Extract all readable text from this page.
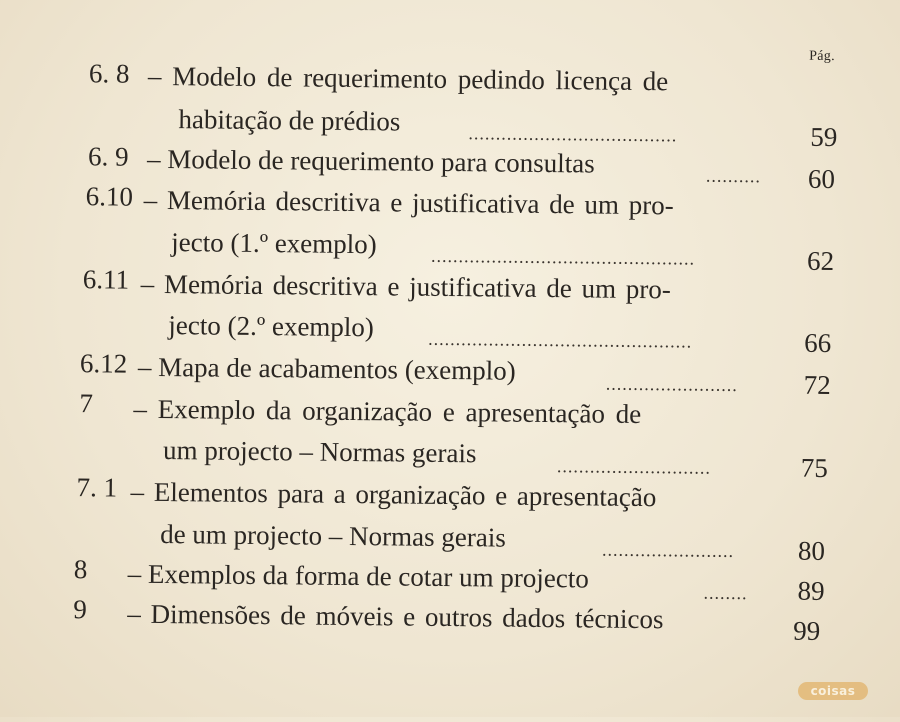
Pág.
6. 8 – Modelo de requerimento pedindo licença de
habitação de prédios	......................................	59
6. 9 – Modelo de requerimento para consultas	..........	60
6.10 – Memória descritiva e justificativa de um pro-
jecto (1.º exemplo)	................................................	62
6.11 – Memória descritiva e justificativa de um pro-
jecto (2.º exemplo)	................................................	66
6.12 – Mapa de acabamentos (exemplo)	........................	72
7 – Exemplo da organização e apresentação de
um projecto – Normas gerais	............................	75
7. 1 – Elementos para a organização e apresentação
de um projecto – Normas gerais	........................	80
8 – Exemplos da forma de cotar um projecto	........	89
9 – Dimensões de móveis e outros dados técnicos	99
coisas
